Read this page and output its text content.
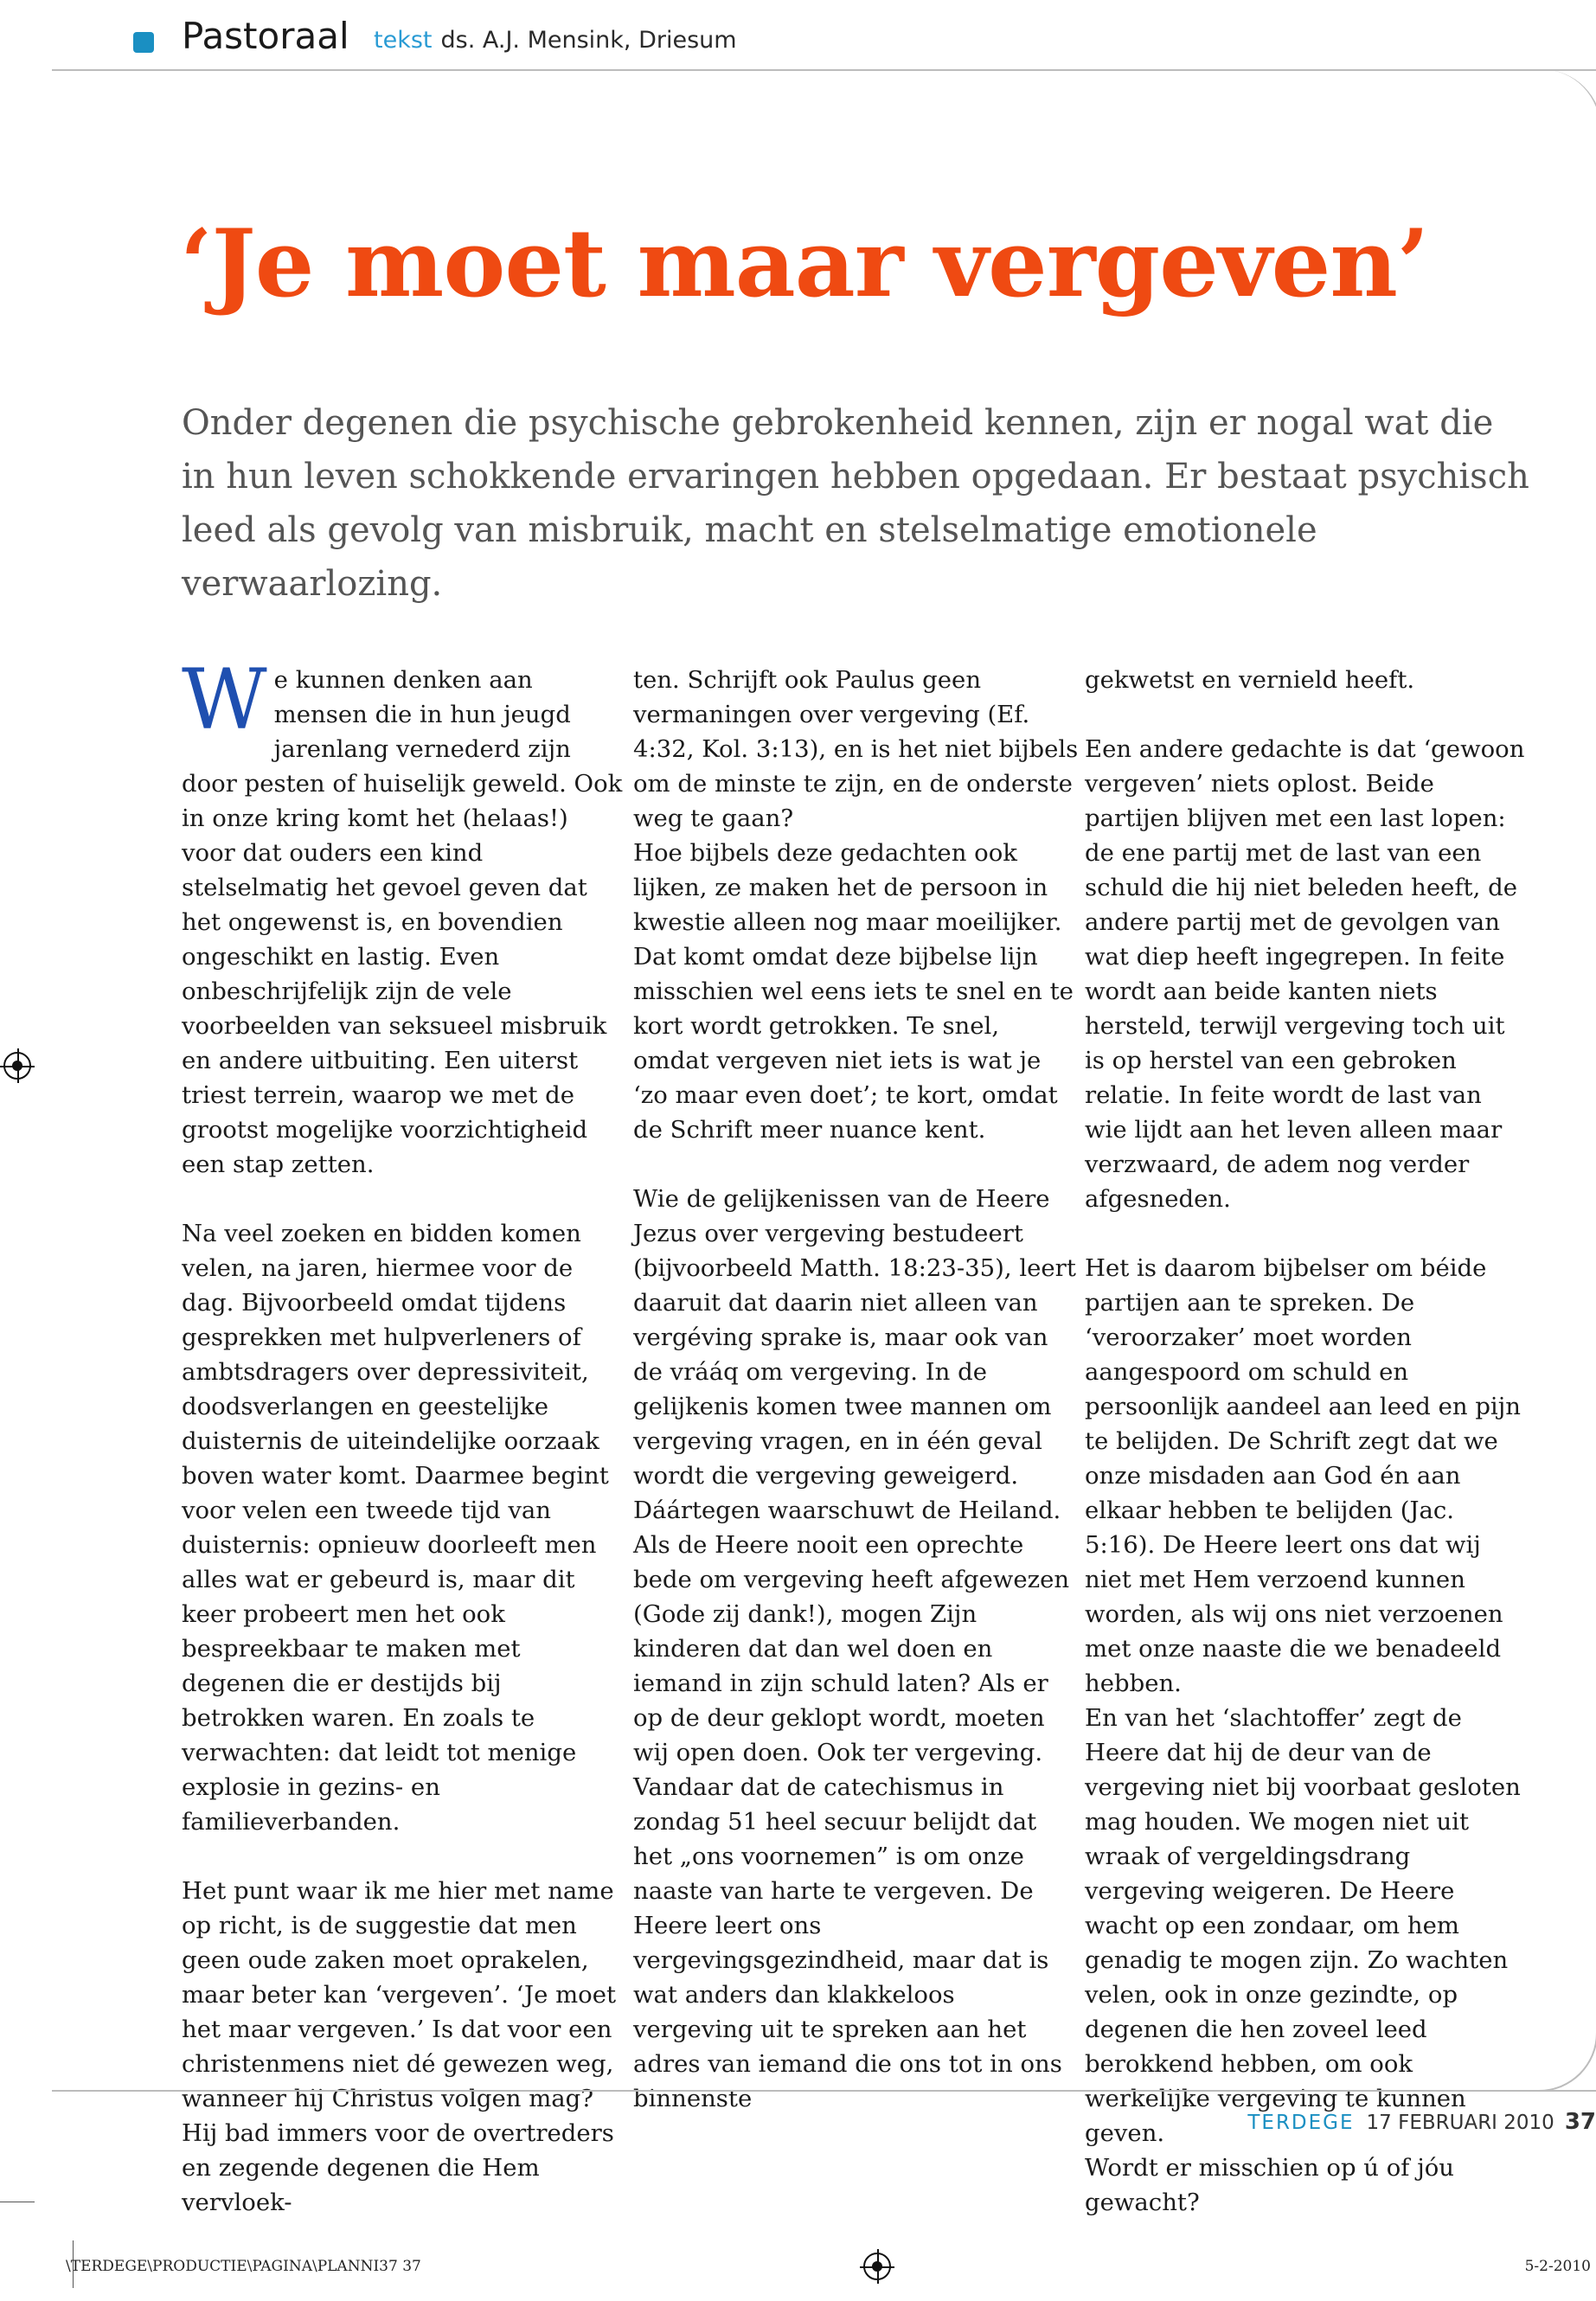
Pastoraal tekst ds. A.J. Mensink, Driesum
‘Je moet maar vergeven’

Onder degenen die psychische gebrokenheid kennen, zijn er nogal wat die in hun leven schokkende ervaringen hebben opgedaan. Er bestaat psychisch leed als gevolg van misbruik, macht en stelselmatige emotionele verwaarlozing.

We kunnen denken aan mensen die in hun jeugd jarenlang vernederd zijn door pesten of huiselijk geweld. Ook in onze kring komt het (helaas!) voor dat ouders een kind stelselmatig het gevoel geven dat het ongewenst is, en bovendien ongeschikt en lastig. Even onbeschrijfelijk zijn de vele voorbeelden van seksueel misbruik en andere uitbuiting. Een uiterst triest terrein, waarop we met de grootst mogelijke voorzichtigheid een stap zetten.

Na veel zoeken en bidden komen velen, na jaren, hiermee voor de dag. Bijvoorbeeld omdat tijdens gesprekken met hulpverleners of ambtsdragers over depressiviteit, doodsverlangen en geestelijke duisternis de uiteindelijke oorzaak boven water komt. Daarmee begint voor velen een tweede tijd van duisternis: opnieuw doorleeft men alles wat er gebeurd is, maar dit keer probeert men het ook bespreekbaar te maken met degenen die er destijds bij betrokken waren. En zoals te verwachten: dat leidt tot menige explosie in gezins- en familieverbanden.

Het punt waar ik me hier met name op richt, is de suggestie dat men geen oude zaken moet oprakelen, maar beter kan ‘vergeven’. ‘Je moet het maar vergeven.’ Is dat voor een christenmens niet dé gewezen weg, wanneer hij Christus volgen mag? Hij bad immers voor de overtreders en zegende degenen die Hem vervloek-

ten. Schrijft ook Paulus geen vermaningen over vergeving (Ef. 4:32, Kol. 3:13), en is het niet bijbels om de minste te zijn, en de onderste weg te gaan?
Hoe bijbels deze gedachten ook lijken, ze maken het de persoon in kwestie alleen nog maar moeilijker. Dat komt omdat deze bijbelse lijn misschien wel eens iets te snel en te kort wordt getrokken. Te snel, omdat vergeven niet iets is wat je ‘zo maar even doet’; te kort, omdat de Schrift meer nuance kent.

Wie de gelijkenissen van de Heere Jezus over vergeving bestudeert (bijvoorbeeld Matth. 18:23-35), leert daaruit dat daarin niet alleen van vergéving sprake is, maar ook van de vrááq om vergeving. In de gelijkenis komen twee mannen om vergeving vragen, en in één geval wordt die vergeving geweigerd. Dáártegen waarschuwt de Heiland.
Als de Heere nooit een oprechte bede om vergeving heeft afgewezen (Gode zij dank!), mogen Zijn kinderen dat dan wel doen en iemand in zijn schuld laten? Als er op de deur geklopt wordt, moeten wij open doen. Ook ter vergeving.
Vandaar dat de catechismus in zondag 51 heel secuur belijdt dat het „ons voornemen” is om onze naaste van harte te vergeven. De Heere leert ons vergevingsgezindheid, maar dat is wat anders dan klakkeloos vergeving uit te spreken aan het adres van iemand die ons tot in ons binnenste

gekwetst en vernield heeft.

Een andere gedachte is dat ‘gewoon vergeven’ niets oplost. Beide partijen blijven met een last lopen: de ene partij met de last van een schuld die hij niet beleden heeft, de andere partij met de gevolgen van wat diep heeft ingegrepen. In feite wordt aan beide kanten niets hersteld, terwijl vergeving toch uit is op herstel van een gebroken relatie. In feite wordt de last van wie lijdt aan het leven alleen maar verzwaard, de adem nog verder afgesneden.

Het is daarom bijbelser om béide partijen aan te spreken. De ‘veroorzaker’ moet worden aangespoord om schuld en persoonlijk aandeel aan leed en pijn te belijden. De Schrift zegt dat we onze misdaden aan God én aan elkaar hebben te belijden (Jac. 5:16). De Heere leert ons dat wij niet met Hem verzoend kunnen worden, als wij ons niet verzoenen met onze naaste die we benadeeld hebben.
En van het ‘slachtoffer’ zegt de Heere dat hij de deur van de vergeving niet bij voorbaat gesloten mag houden. We mogen niet uit wraak of vergeldingsdrang vergeving weigeren. De Heere wacht op een zondaar, om hem genadig te mogen zijn. Zo wachten velen, ook in onze gezindte, op degenen die hen zoveel leed berokkend hebben, om ook werkelijke vergeving te kunnen geven.
Wordt er misschien op ú of jóu gewacht?

TERDEGE 17 FEBRUARI 2010 37
\TERDEGE\PRODUCTIE\PAGINA\PLANNI37 37	5-2-2010
